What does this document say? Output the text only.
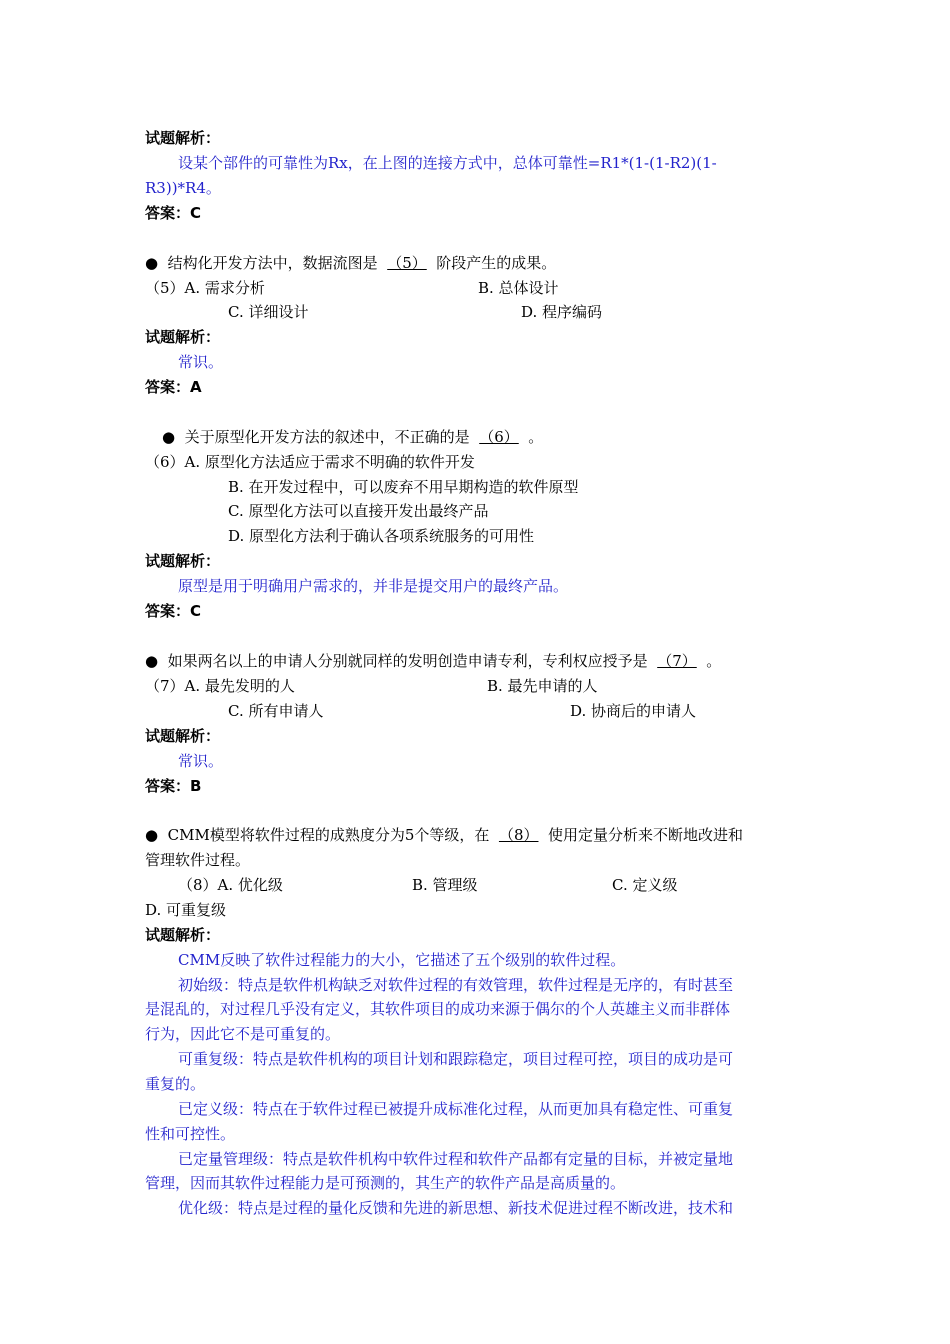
试题解析：
设某个部件的可靠性为Rx，在上图的连接方式中，总体可靠性=R1*(1-(1-R2)(1-
R3))*R4。
答案：C
● 结构化开发方法中，数据流图是 （5） 阶段产生的成果。
（5）A. 需求分析	B. 总体设计
C. 详细设计	D. 程序编码
试题解析：
常识。
答案：A
● 关于原型化开发方法的叙述中，不正确的是 （6） 。
（6）A. 原型化方法适应于需求不明确的软件开发
B. 在开发过程中，可以废弃不用早期构造的软件原型
C. 原型化方法可以直接开发出最终产品
D. 原型化方法利于确认各项系统服务的可用性
试题解析：
原型是用于明确用户需求的，并非是提交用户的最终产品。
答案：C
● 如果两名以上的申请人分别就同样的发明创造申请专利，专利权应授予是 （7） 。
（7）A. 最先发明的人	B. 最先申请的人
C. 所有申请人	D. 协商后的申请人
试题解析：
常识。
答案：B
● CMM模型将软件过程的成熟度分为5个等级，在 （8） 使用定量分析来不断地改进和
管理软件过程。
（8）A. 优化级	B. 管理级	C. 定义级
D. 可重复级
试题解析：
CMM反映了软件过程能力的大小，它描述了五个级别的软件过程。
初始级：特点是软件机构缺乏对软件过程的有效管理，软件过程是无序的，有时甚至
是混乱的，对过程几乎没有定义，其软件项目的成功来源于偶尔的个人英雄主义而非群体
行为，因此它不是可重复的。
可重复级：特点是软件机构的项目计划和跟踪稳定，项目过程可控，项目的成功是可
重复的。
已定义级：特点在于软件过程已被提升成标准化过程，从而更加具有稳定性、可重复
性和可控性。
已定量管理级：特点是软件机构中软件过程和软件产品都有定量的目标，并被定量地
管理，因而其软件过程能力是可预测的，其生产的软件产品是高质量的。
优化级：特点是过程的量化反馈和先进的新思想、新技术促进过程不断改进，技术和
